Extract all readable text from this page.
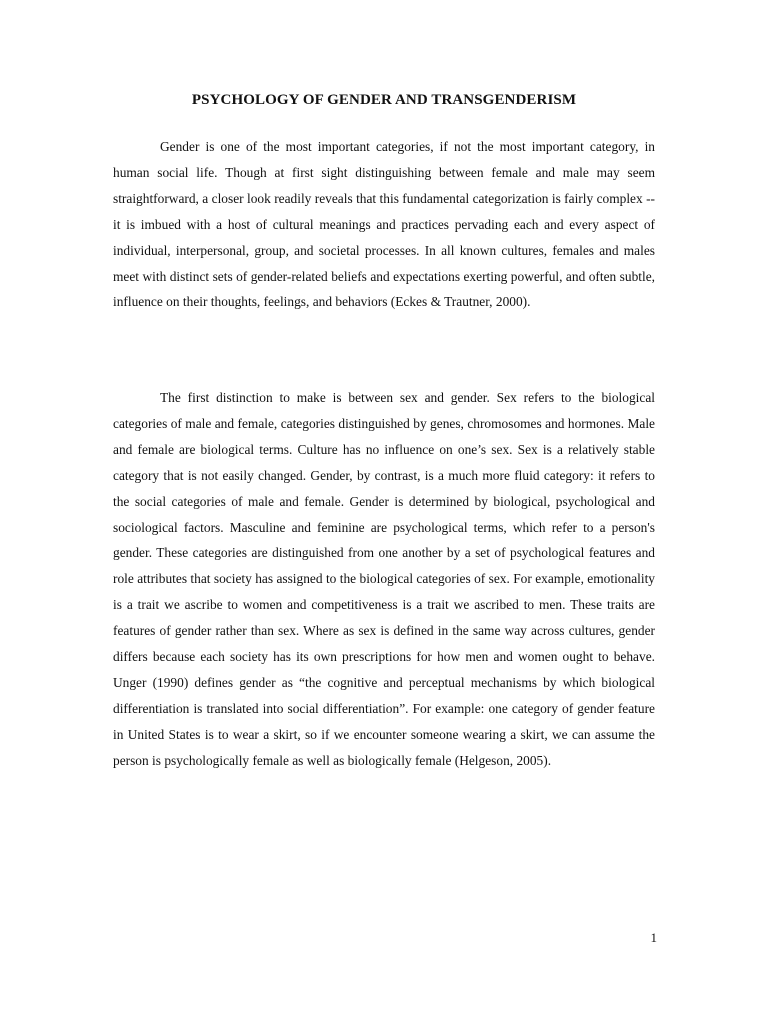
PSYCHOLOGY OF GENDER AND TRANSGENDERISM

Gender is one of the most important categories, if not the most important category, in human social life. Though at first sight distinguishing between female and male may seem straightforward, a closer look readily reveals that this fundamental categorization is fairly complex -- it is imbued with a host of cultural meanings and practices pervading each and every aspect of individual, interpersonal, group, and societal processes. In all known cultures, females and males meet with distinct sets of gender-related beliefs and expectations exerting powerful, and often subtle, influence on their thoughts, feelings, and behaviors (Eckes & Trautner, 2000).

The first distinction to make is between sex and gender. Sex refers to the biological categories of male and female, categories distinguished by genes, chromosomes and hormones. Male and female are biological terms. Culture has no influence on one’s sex. Sex is a relatively stable category that is not easily changed. Gender, by contrast, is a much more fluid category: it refers to the social categories of male and female. Gender is determined by biological, psychological and sociological factors. Masculine and feminine are psychological terms, which refer to a person's gender. These categories are distinguished from one another by a set of psychological features and role attributes that society has assigned to the biological categories of sex. For example, emotionality is a trait we ascribe to women and competitiveness is a trait we ascribed to men. These traits are features of gender rather than sex. Where as sex is defined in the same way across cultures, gender differs because each society has its own prescriptions for how men and women ought to behave. Unger (1990) defines gender as “the cognitive and perceptual mechanisms by which biological differentiation is translated into social differentiation”. For example: one category of gender feature in United States is to wear a skirt, so if we encounter someone wearing a skirt, we can assume the person is psychologically female as well as biologically female (Helgeson, 2005).

1
